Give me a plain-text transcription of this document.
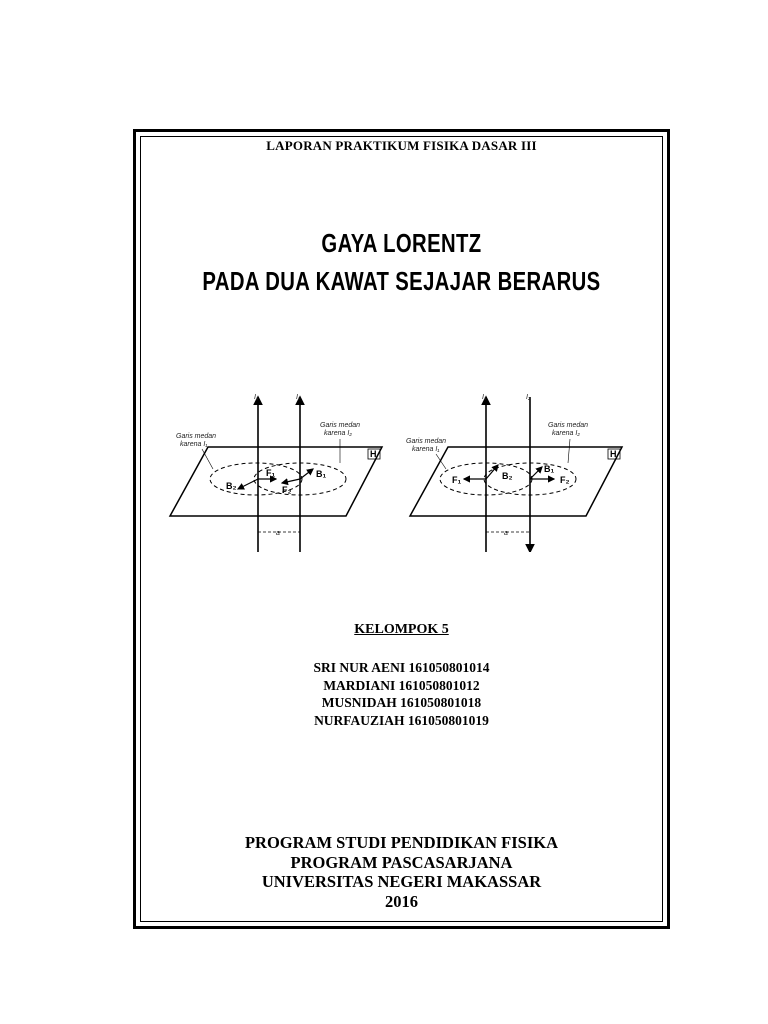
LAPORAN PRAKTIKUM FISIKA DASAR III
GAYA LORENTZ
PADA DUA KAWAT SEJAJAR BERARUS
H
I₁	I₂
F₁
F₂
B₂
B₁
Garis medan
karena I₁
Garis medan
karena I₂
a
H
I₁	I₂
F₁	F₂
B₂
B₁
Garis medan
karena I₁
Garis medan
karena I₂
a
KELOMPOK 5
SRI NUR AENI 161050801014
MARDIANI 161050801012
MUSNIDAH 161050801018
NURFAUZIAH 161050801019
PROGRAM STUDI PENDIDIKAN FISIKA
PROGRAM PASCASARJANA
UNIVERSITAS NEGERI MAKASSAR
2016
